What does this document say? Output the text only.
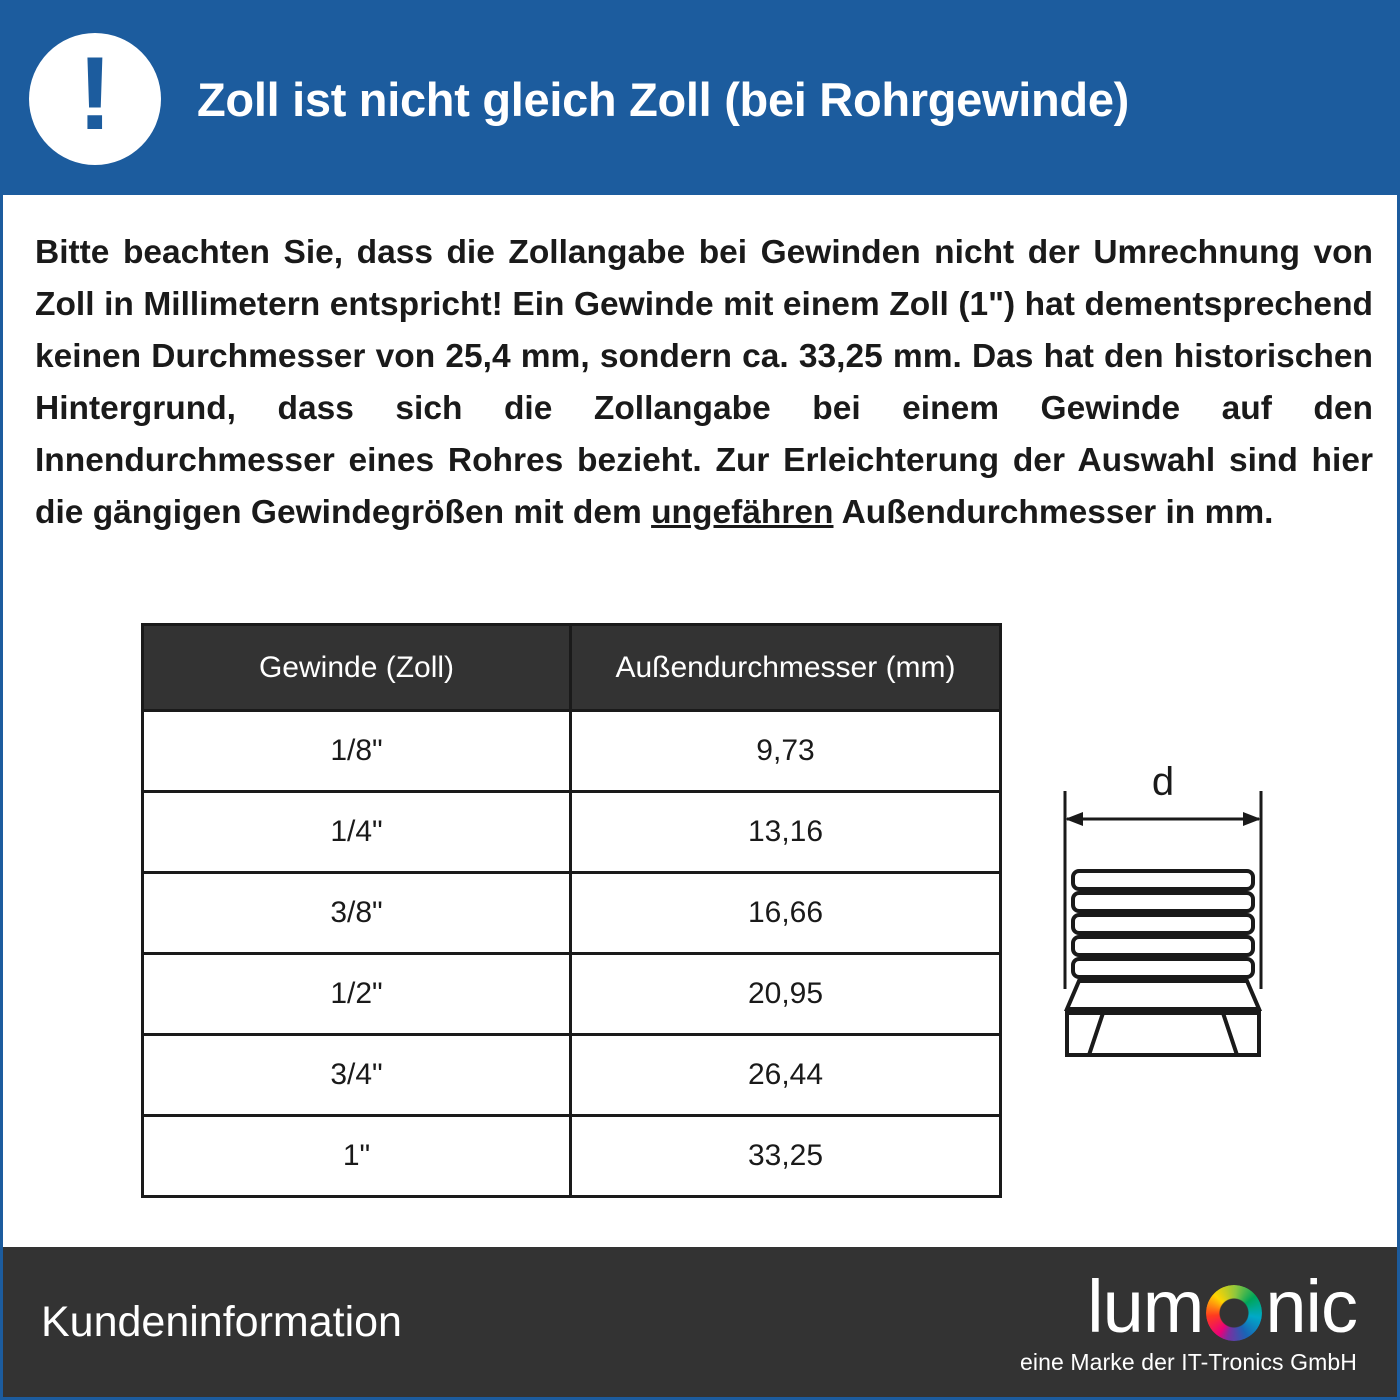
! Zoll ist nicht gleich Zoll (bei Rohrgewinde)
Bitte beachten Sie, dass die Zollangabe bei Gewinden nicht der Umrechnung von Zoll in Millimetern entspricht! Ein Gewinde mit einem Zoll (1") hat dementsprechend keinen Durchmesser von 25,4 mm, sondern ca. 33,25 mm. Das hat den historischen Hintergrund, dass sich die Zollangabe bei einem Gewinde auf den Innendurchmesser eines Rohres bezieht. Zur Erleichterung der Auswahl sind hier die gängigen Gewindegrößen mit dem ungefähren Außendurchmesser in mm.
Gewinde (Zoll)	Außendurchmesser (mm)
1/8"	9,73
1/4"	13,16
3/8"	16,66
1/2"	20,95
3/4"	26,44
1"	33,25
d
Kundeninformation	lum nic
eine Marke der IT-Tronics GmbH
